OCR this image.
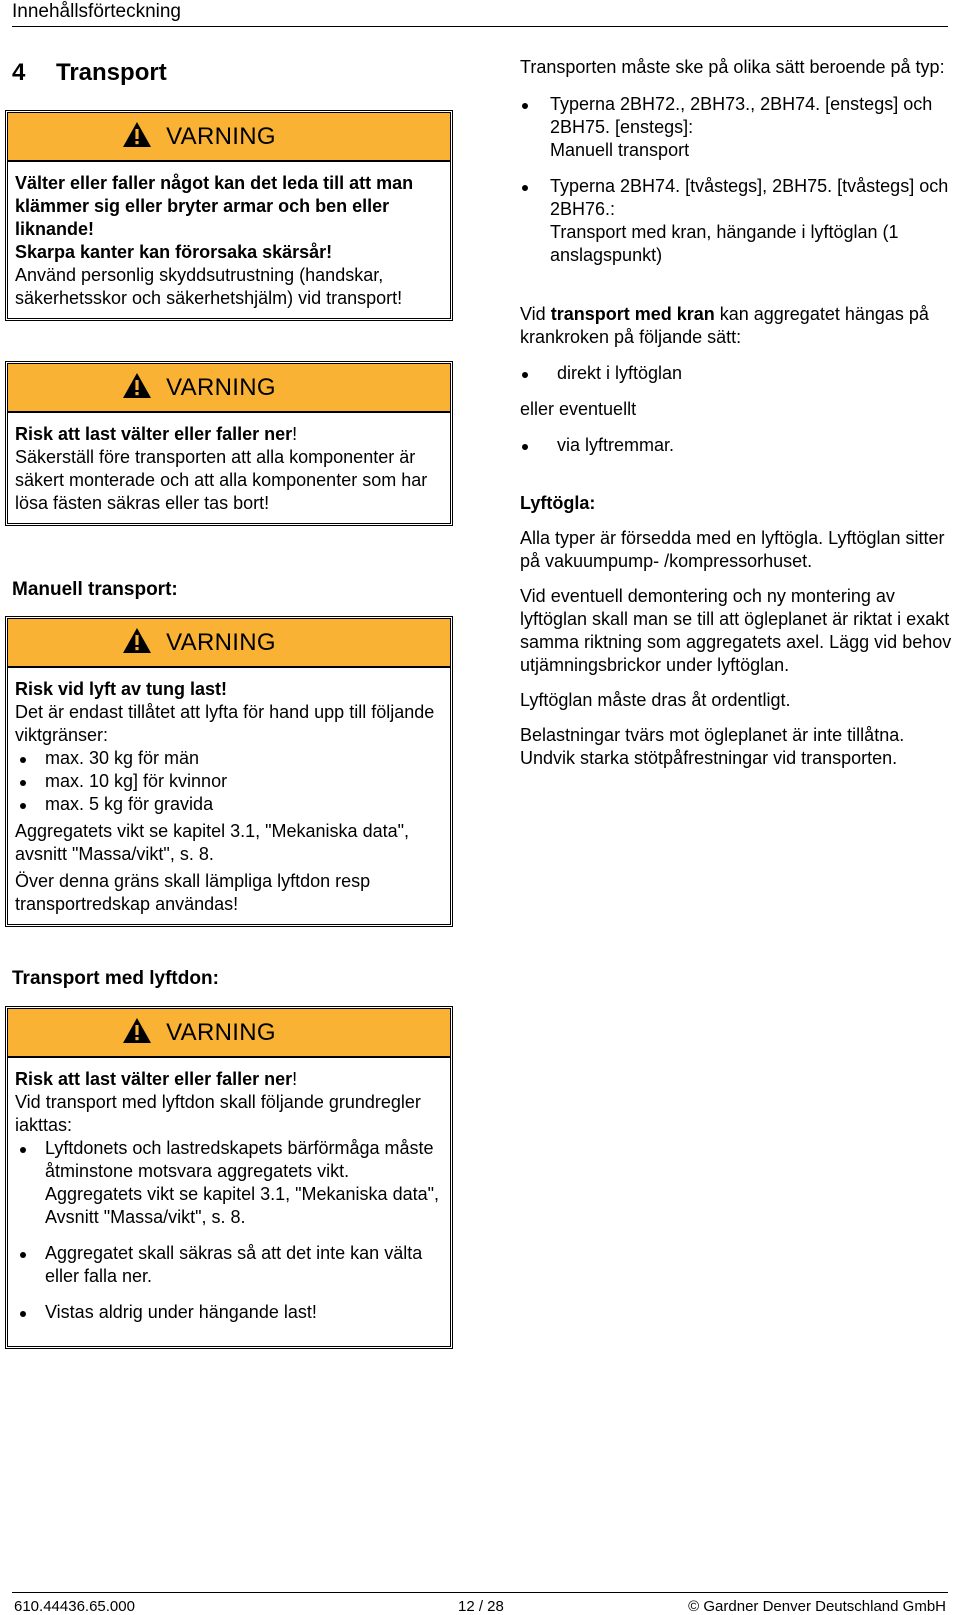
Innehållsförteckning
4 Transport
VARNING

Välter eller faller något kan det leda till att man klämmer sig eller bryter armar och ben eller liknande!

Skarpa kanter kan förorsaka skärsår!

Använd personlig skyddsutrustning (handskar, säkerhetsskor och säkerhetshjälm) vid transport!

VARNING

Risk att last välter eller faller ner!

Säkerställ före transporten att alla komponenter är säkert monterade och att alla komponenter som har lösa fästen säkras eller tas bort!

Manuell transport:
VARNING

Risk vid lyft av tung last!

Det är endast tillåtet att lyfta för hand upp till följande viktgränser:

max. 30 kg för män
max. 10 kg] för kvinnor
max. 5 kg för gravida

Aggregatets vikt se kapitel 3.1, "Mekaniska data", avsnitt "Massa/vikt", s. 8.

Över denna gräns skall lämpliga lyftdon resp transportredskap användas!

Transport med lyftdon:
VARNING

Risk att last välter eller faller ner!

Vid transport med lyftdon skall följande grundregler iakttas:

Lyftdonets och lastredskapets bärförmåga måste åtminstone motsvara aggregatets vikt.
Aggregatets vikt se kapitel 3.1, "Mekaniska data", Avsnitt "Massa/vikt", s. 8.
Aggregatet skall säkras så att det inte kan välta eller falla ner.
Vistas aldrig under hängande last!

Transporten måste ske på olika sätt beroende på typ:

Typerna 2BH72., 2BH73., 2BH74. [enstegs] och 2BH75. [enstegs]:
Manuell transport
Typerna 2BH74. [tvåstegs], 2BH75. [tvåstegs] och 2BH76.:
Transport med kran, hängande i lyftöglan (1 anslagspunkt)

Vid transport med kran kan aggregatet hängas på krankroken på följande sätt:

direkt i lyftöglan

eller eventuellt

via lyftremmar.

Lyftögla:

Alla typer är försedda med en lyftögla. Lyftöglan sitter på vakuumpump- /kompressorhuset.

Vid eventuell demontering och ny montering av lyftöglan skall man se till att ögleplanet är riktat i exakt samma riktning som aggregatets axel. Lägg vid behov utjämningsbrickor under lyftöglan.

Lyftöglan måste dras åt ordentligt.

Belastningar tvärs mot ögleplanet är inte tillåtna. Undvik starka stötpåfrestningar vid transporten.

610.44436.65.000	12 / 28	© Gardner Denver Deutschland GmbH
